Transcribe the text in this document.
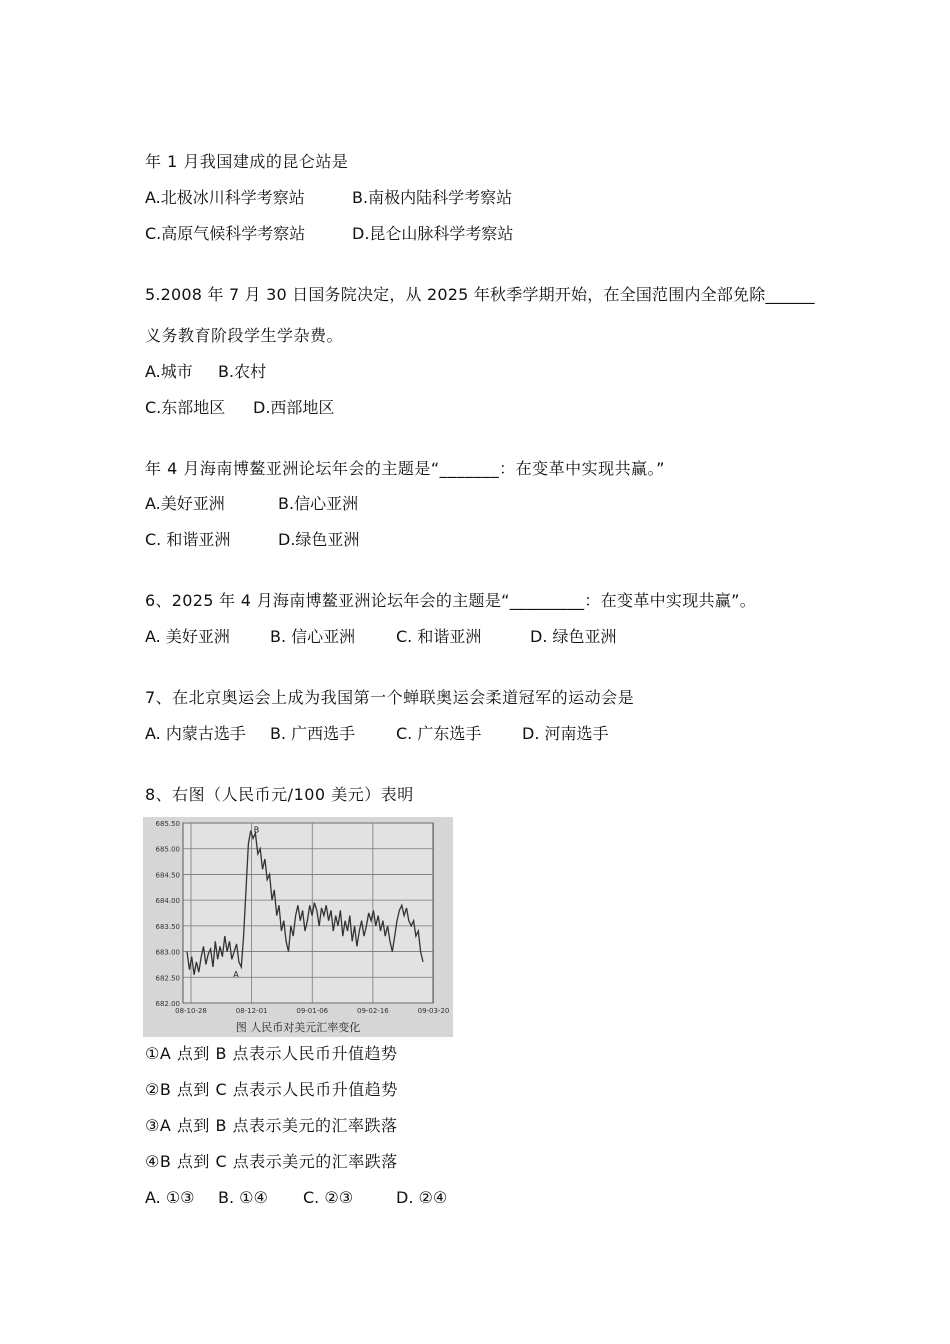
年 1 月我国建成的昆仑站是
A.北极冰川科学考察站	B.南极内陆科学考察站
C.高原气候科学考察站	D.昆仑山脉科学考察站
5.2008 年 7 月 30 日国务院决定，从 2025 年秋季学期开始，在全国范围内全部免除______
义务教育阶段学生学杂费。
A.城市 B.农村
C.东部地区 D.西部地区
年 4 月海南博鳌亚洲论坛年会的主题是“_______：在变革中实现共赢。”
A.美好亚洲	B.信心亚洲
C. 和谐亚洲	D.绿色亚洲
6、2025 年 4 月海南博鳌亚洲论坛年会的主题是“_________：在变革中实现共赢”。
A. 美好亚洲	B. 信心亚洲	C. 和谐亚洲	D. 绿色亚洲
7、在北京奥运会上成为我国第一个蝉联奥运会柔道冠军的运动会是
A. 内蒙古选手 B. 广西选手	C. 广东选手	D. 河南选手
8、右图（人民币元/100 美元）表明
682.00
682.50
683.00
683.50
684.00
684.50
685.00
685.50
08-10-28	08-12-01	09-01-06	09-02-16	09-03-20
A
B
图 人民币对美元汇率变化
①A 点到 B 点表示人民币升值趋势
②B 点到 C 点表示人民币升值趋势
③A 点到 B 点表示美元的汇率跌落
④B 点到 C 点表示美元的汇率跌落
A. ①③ B. ①④ C. ②③	D. ②④
